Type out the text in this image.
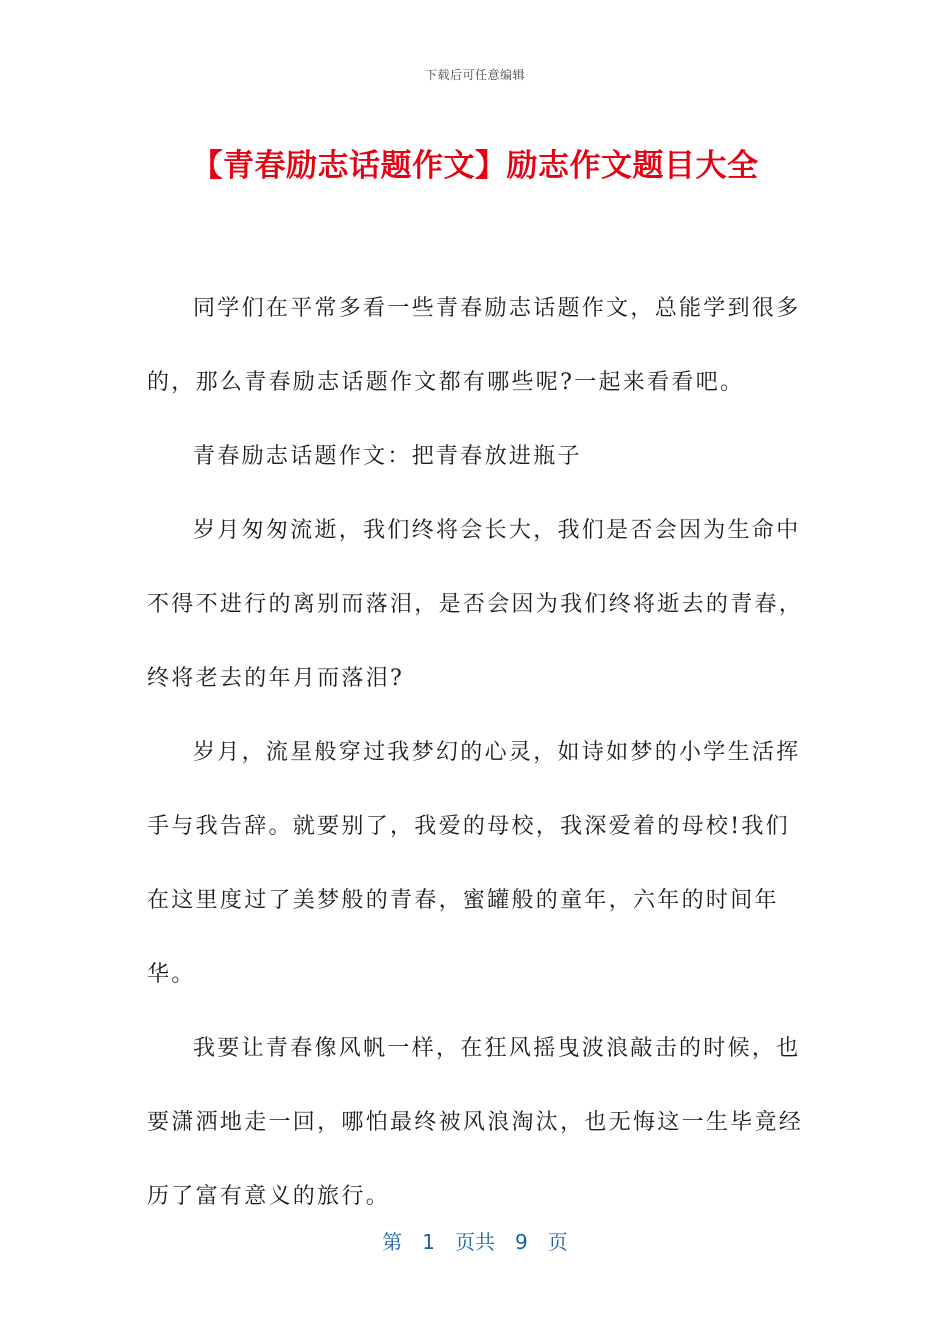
下载后可任意编辑
【青春励志话题作文】励志作文题目大全

同学们在平常多看一些青春励志话题作文，总能学到很多的，那么青春励志话题作文都有哪些呢?一起来看看吧。

青春励志话题作文：把青春放进瓶子

岁月匆匆流逝，我们终将会长大，我们是否会因为生命中不得不进行的离别而落泪，是否会因为我们终将逝去的青春，终将老去的年月而落泪?

岁月，流星般穿过我梦幻的心灵，如诗如梦的小学生活挥手与我告辞。就要别了，我爱的母校，我深爱着的母校!我们在这里度过了美梦般的青春，蜜罐般的童年，六年的时间年华。

我要让青春像风帆一样，在狂风摇曳波浪敲击的时候，也要潇洒地走一回，哪怕最终被风浪淘汰，也无悔这一生毕竟经历了富有意义的旅行。

第 1 页共 9 页
